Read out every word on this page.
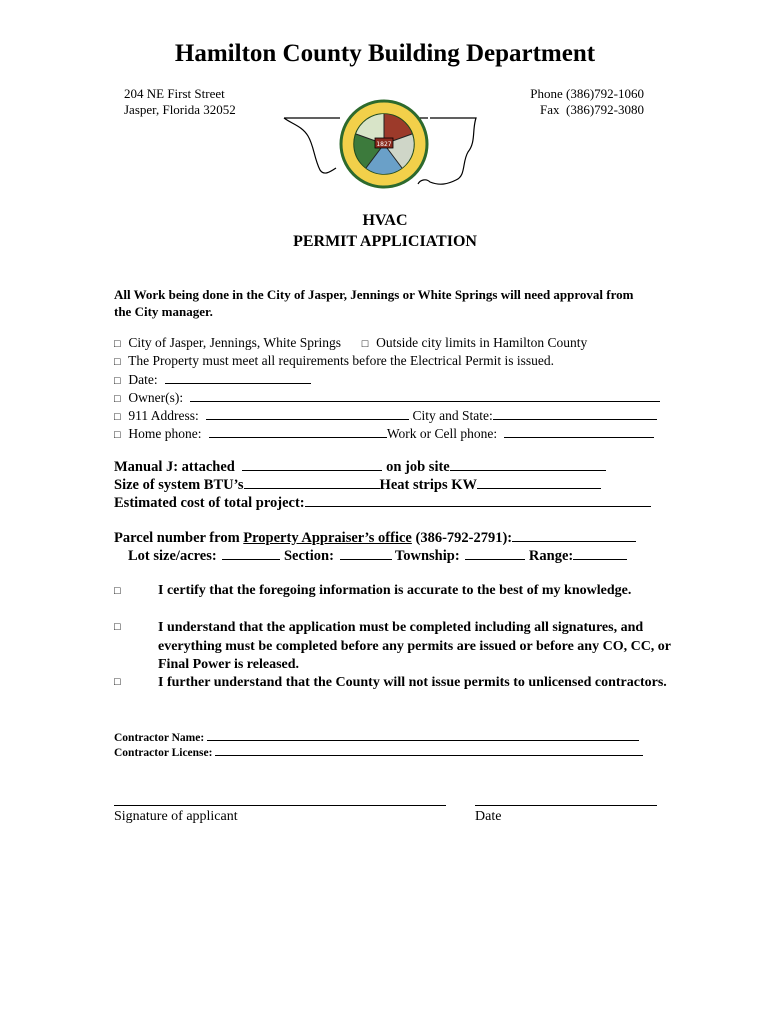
Hamilton County Building Department
204 NE First Street
Jasper, Florida 32052
Phone (386)792-1060
Fax  (386)792-3080
1827
HVAC
PERMIT APPLICIATION
All Work being done in the City of Jasper, Jennings or White Springs will need approval from the City manager.
□ City of Jasper, Jennings, White Springs □ Outside city limits in Hamilton County
□ The Property must meet all requirements before the Electrical Permit is issued.
□ Date:
□ Owner(s):
□ 911 Address:	City and State:
□ Home phone:	Work or Cell phone:
Manual J: attached	on job site
Size of system BTU’s	Heat strips KW
Estimated cost of total project:
Parcel number from Property Appraiser’s office (386-792-2791):
Lot size/acres:	Section:	Township:	Range:
□	I certify that the foregoing information is accurate to the best of my knowledge.
□	I understand that the application must be completed including all signatures, and everything must be completed before any permits are issued or before any CO, CC, or Final Power is released.
□	I further understand that the County will not issue permits to unlicensed contractors.
Contractor Name:
Contractor License:
Signature of applicant	Date
